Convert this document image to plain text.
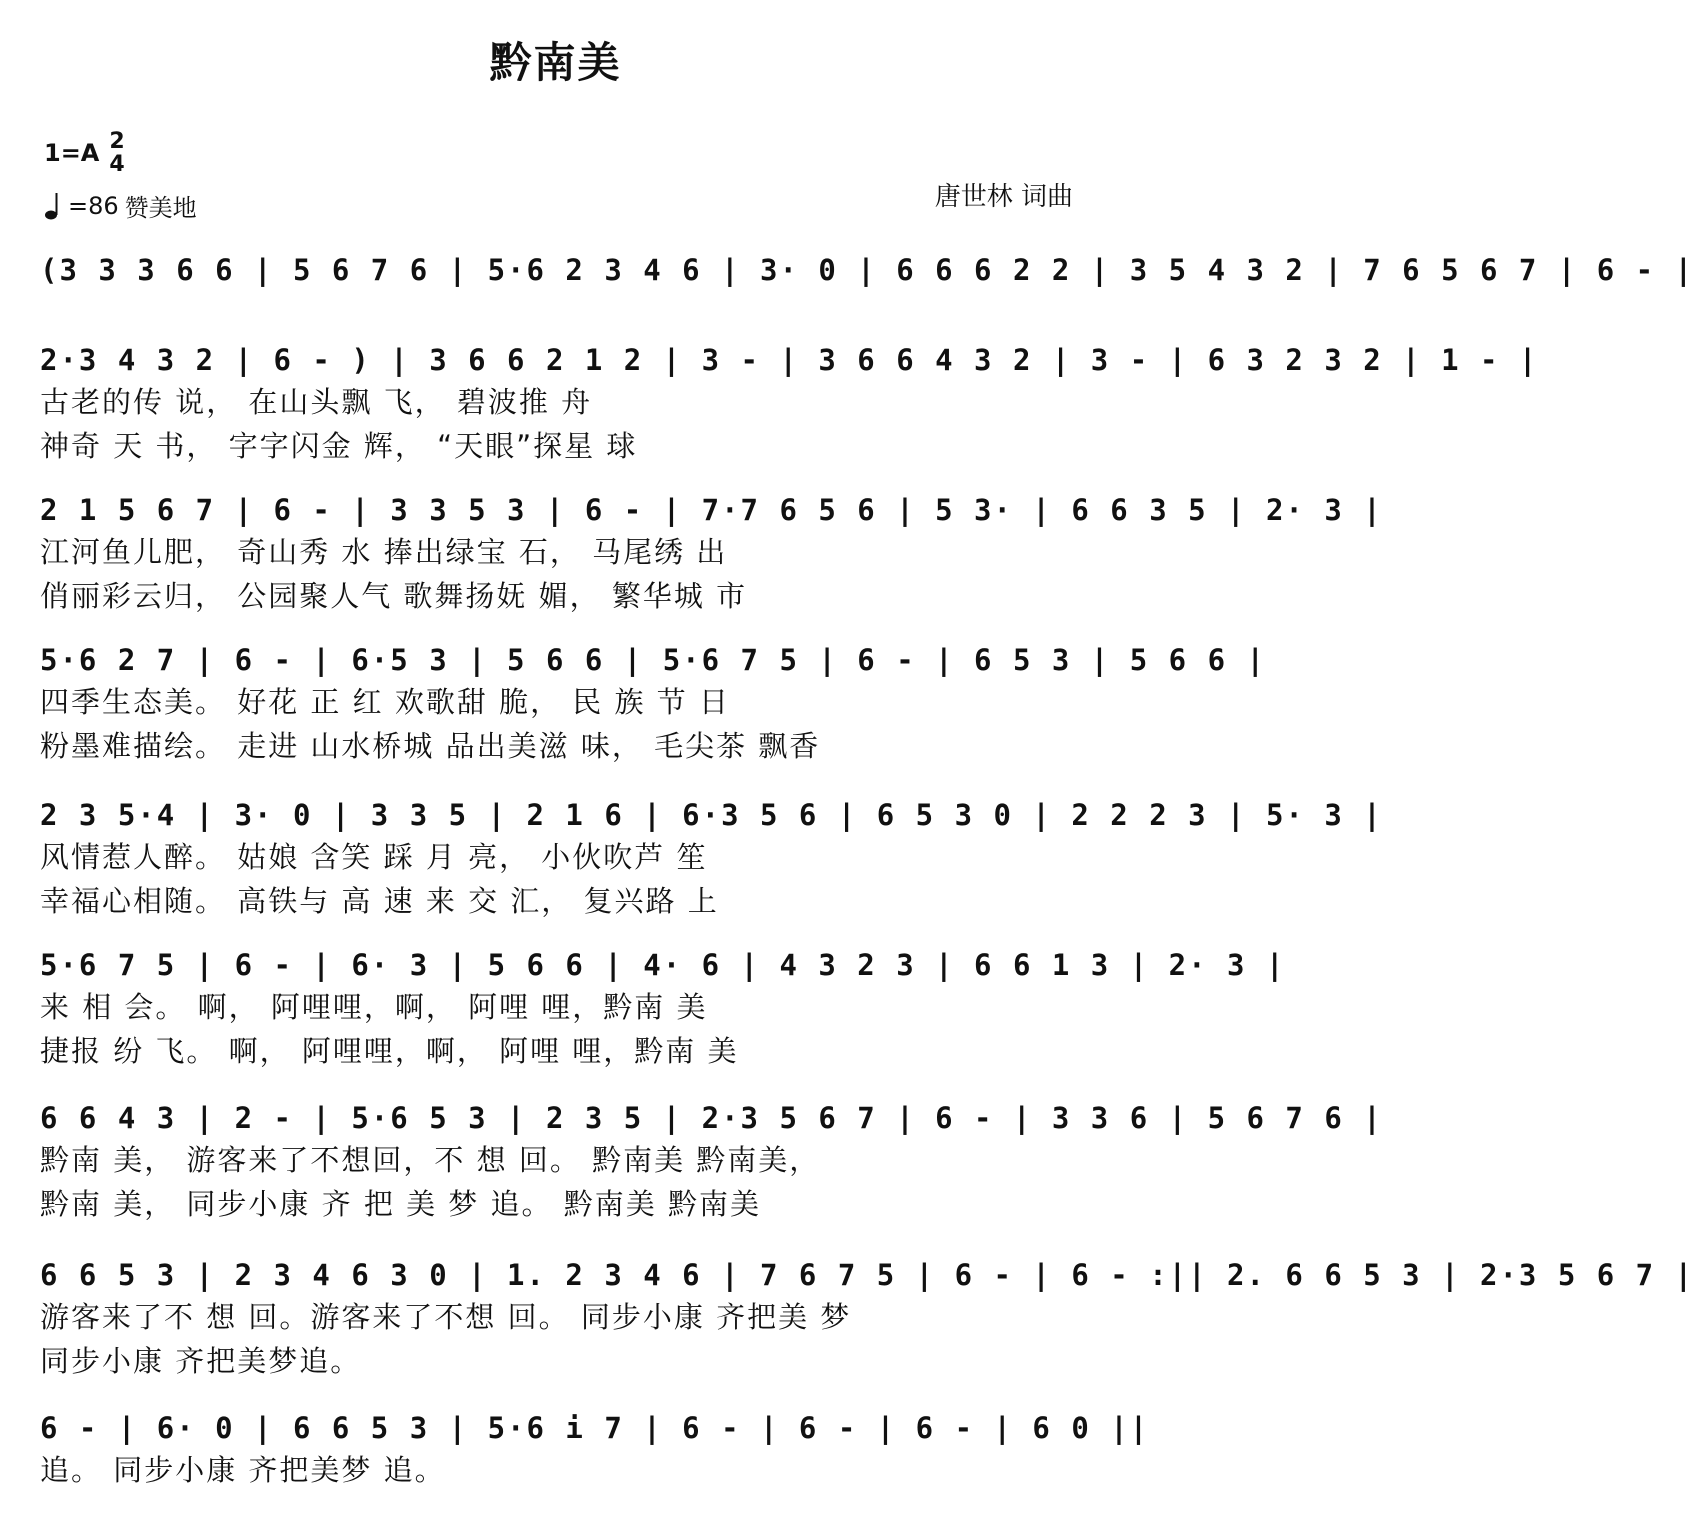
黔南美
1=A 2
4
=86 赞美地	唐世林 词曲
(3 3 3 6 6 | 5 6 7 6 | 5·6 2 3 4 6 | 3· 0 | 6 6 6 2 2 | 3 5 4 3 2 | 7 6 5 6 7 | 6 - |
2·3 4 3 2 | 6 - ) | 3 6 6 2 1 2 | 3 - | 3 6 6 4 3 2 | 3 - | 6 3 2 3 2 | 1 - |
古老的传 说， 在山头飘 飞， 碧波推 舟
神奇 天 书， 字字闪金 辉， “天眼”探星 球
2 1 5 6 7 | 6 - | 3 3 5 3 | 6 - | 7·7 6 5 6 | 5 3· | 6 6 3 5 | 2· 3 |
江河鱼儿肥， 奇山秀 水 捧出绿宝 石， 马尾绣 出
俏丽彩云归， 公园聚人气 歌舞扬妩 媚， 繁华城 市
5·6 2 7 | 6 - | 6·5 3 | 5 6 6 | 5·6 7 5 | 6 - | 6 5 3 | 5 6 6 |
四季生态美。 好花 正 红 欢歌甜 脆， 民 族 节 日
粉墨难描绘。 走进 山水桥城 品出美滋 味， 毛尖茶 飘香
2 3 5·4 | 3· 0 | 3 3 5 | 2 1 6 | 6·3 5 6 | 6 5 3 0 | 2 2 2 3 | 5· 3 |
风情惹人醉。 姑娘 含笑 踩 月 亮， 小伙吹芦 笙
幸福心相随。 高铁与 高 速 来 交 汇， 复兴路 上
5·6 7 5 | 6 - | 6· 3 | 5 6 6 | 4· 6 | 4 3 2 3 | 6 6 1 3 | 2· 3 |
来 相 会。 啊， 阿哩哩，啊， 阿哩 哩，黔南 美
捷报 纷 飞。 啊， 阿哩哩，啊， 阿哩 哩，黔南 美
6 6 4 3 | 2 - | 5·6 5 3 | 2 3 5 | 2·3 5 6 7 | 6 - | 3 3 6 | 5 6 7 6 |
黔南 美， 游客来了不想回，不 想 回。 黔南美 黔南美，
黔南 美， 同步小康 齐 把 美 梦 追。 黔南美 黔南美
6 6 5 3 | 2 3 4 6 3 0 | 1. 2 3 4 6 | 7 6 7 5 | 6 - | 6 - :|| 2. 6 6 5 3 | 2·3 5 6 7 |
游客来了不 想 回。游客来了不想 回。 同步小康 齐把美 梦
同步小康 齐把美梦追。
6 - | 6· 0 | 6 6 5 3 | 5·6 i 7 | 6 - | 6 - | 6 - | 6 0 ||
追。 同步小康 齐把美梦 追。
